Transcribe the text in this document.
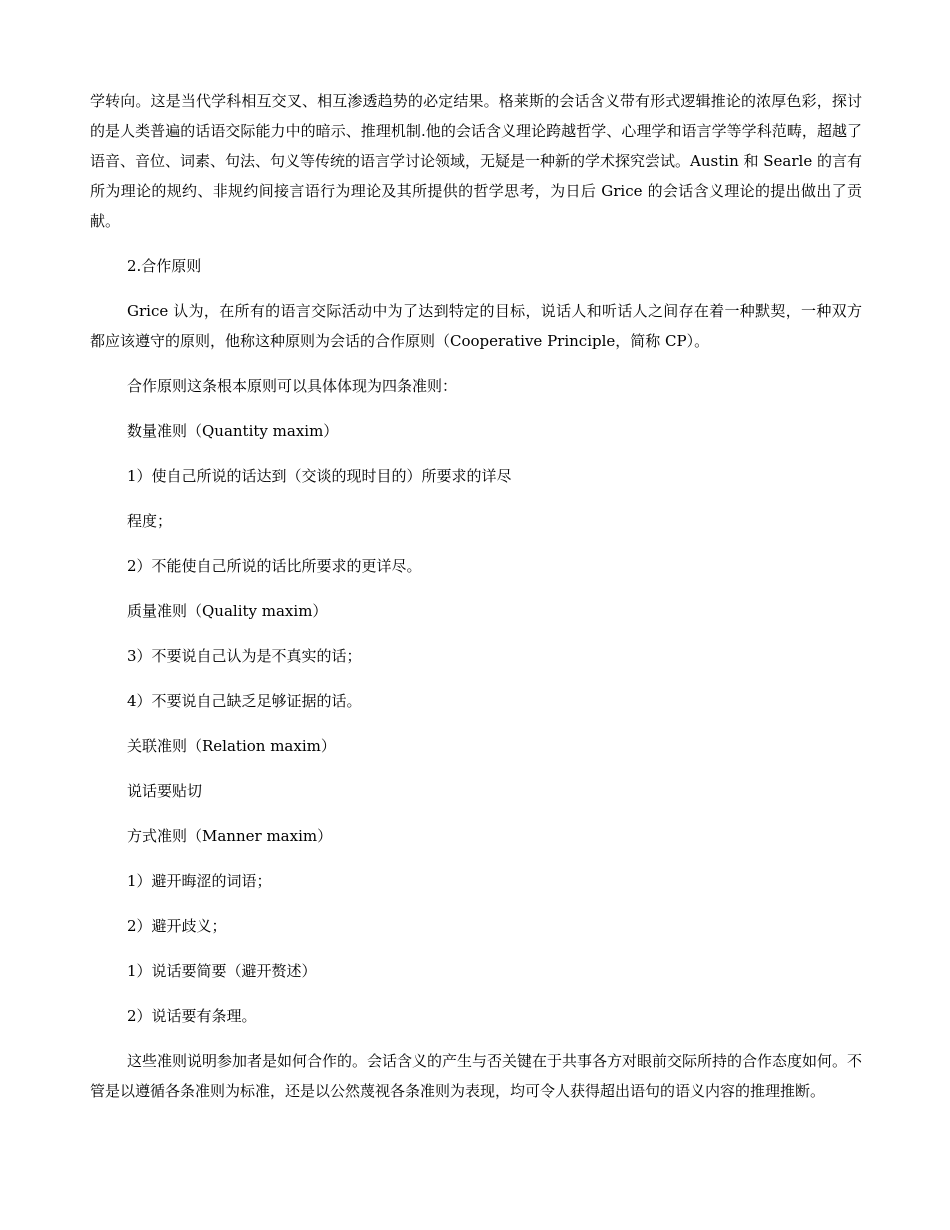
学转向。这是当代学科相互交叉、相互渗透趋势的必定结果。格莱斯的会话含义带有形式逻辑推论的浓厚色彩，探讨的是人类普遍的话语交际能力中的暗示、推理机制.他的会话含义理论跨越哲学、心理学和语言学等学科范畴，超越了语音、音位、词素、句法、句义等传统的语言学讨论领域，无疑是一种新的学术探究尝试。Austin 和 Searle 的言有所为理论的规约、非规约间接言语行为理论及其所提供的哲学思考，为日后 Grice 的会话含义理论的提出做出了贡献。

2.合作原则

Grice 认为，在所有的语言交际活动中为了达到特定的目标，说话人和听话人之间存在着一种默契，一种双方都应该遵守的原则，他称这种原则为会话的合作原则（Cooperative Principle，简称 CP）。

合作原则这条根本原则可以具体体现为四条准则：

数量准则（Quantity maxim）

1）使自己所说的话达到（交谈的现时目的）所要求的详尽

程度；

2）不能使自己所说的话比所要求的更详尽。

质量准则（Quality maxim）

3）不要说自己认为是不真实的话；

4）不要说自己缺乏足够证据的话。

关联准则（Relation maxim）

说话要贴切

方式准则（Manner maxim）

1）避开晦涩的词语；

2）避开歧义；

1）说话要简要（避开赘述）

2）说话要有条理。

这些准则说明参加者是如何合作的。会话含义的产生与否关键在于共事各方对眼前交际所持的合作态度如何。不管是以遵循各条准则为标准，还是以公然蔑视各条准则为表现，均可令人获得超出语句的语义内容的推理推断。
